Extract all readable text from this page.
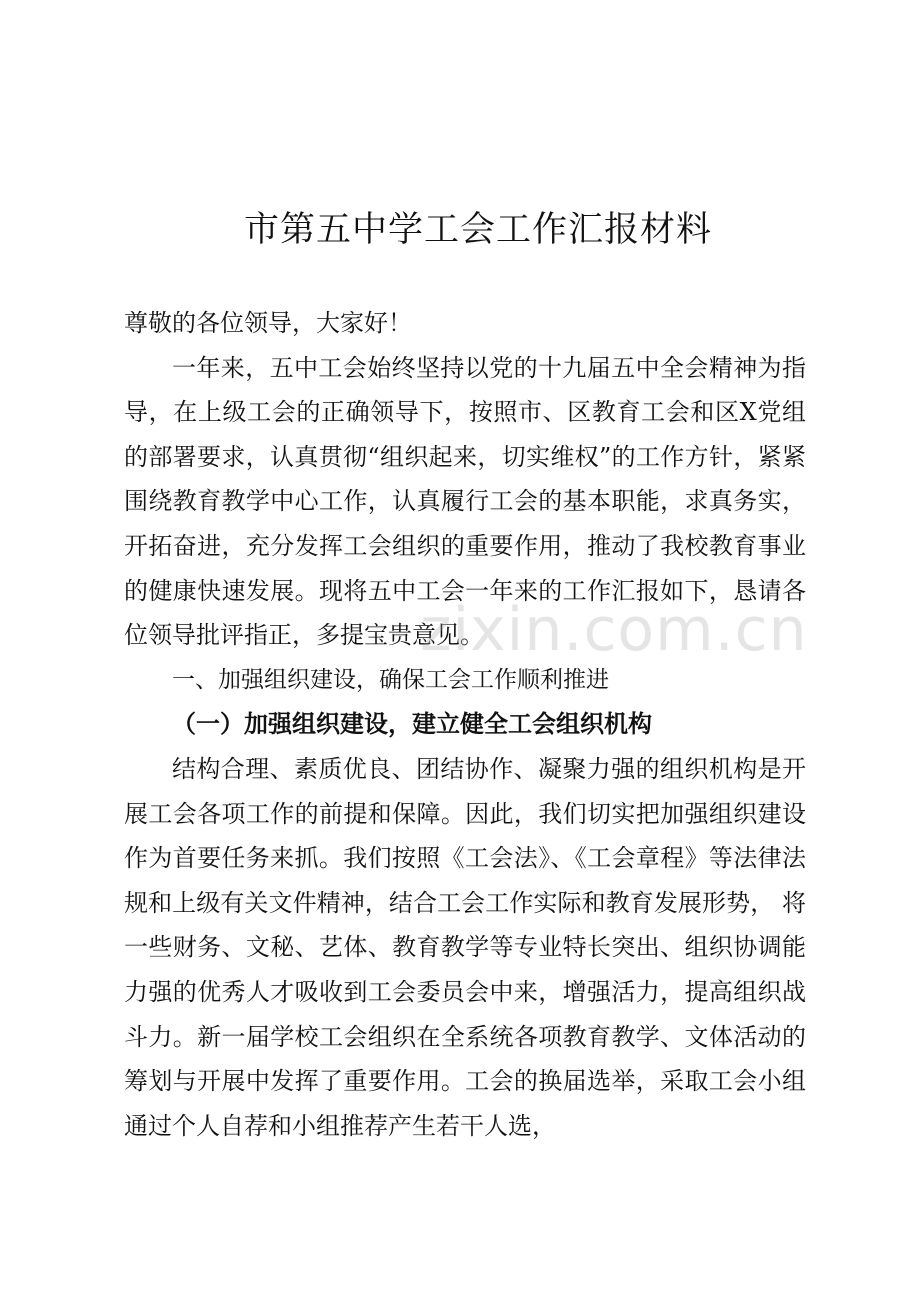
市第五中学工会工作汇报材料

尊敬的各位领导，大家好！

一年来，五中工会始终坚持以党的十九届五中全会精神为指导，在上级工会的正确领导下，按照市、区教育工会和区X党组的部署要求，认真贯彻“组织起来，切实维权”的工作方针，紧紧围绕教育教学中心工作，认真履行工会的基本职能，求真务实，开拓奋进，充分发挥工会组织的重要作用，推动了我校教育事业的健康快速发展。现将五中工会一年来的工作汇报如下，恳请各位领导批评指正，多提宝贵意见。

一、加强组织建设，确保工会工作顺利推进

（一）加强组织建设，建立健全工会组织机构

结构合理、素质优良、团结协作、凝聚力强的组织机构是开展工会各项工作的前提和保障。因此，我们切实把加强组织建设作为首要任务来抓。我们按照《工会法》、《工会章程》等法律法规和上级有关文件精神，结合工会工作实际和教育发展形势， 将一些财务、文秘、艺体、教育教学等专业特长突出、组织协调能力强的优秀人才吸收到工会委员会中来，增强活力，提高组织战斗力。新一届学校工会组织在全系统各项教育教学、文体活动的筹划与开展中发挥了重要作用。工会的换届选举，采取工会小组通过个人自荐和小组推荐产生若干人选，

zixin.com.cn
